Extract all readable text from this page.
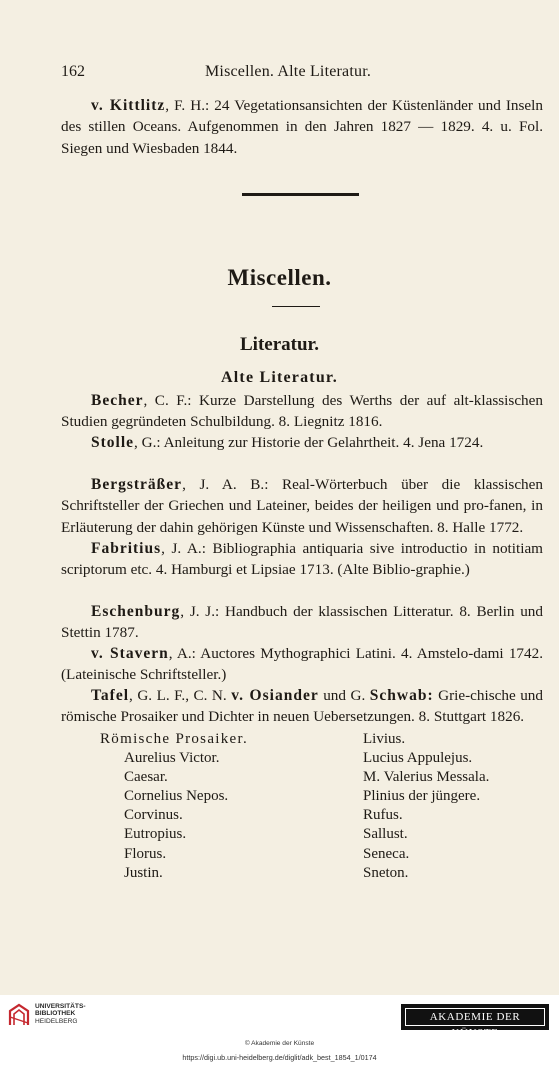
162	Miscellen. Alte Literatur.
v. Kittlitz, F. H.: 24 Vegetationsansichten der Küstenländer und Inseln des stillen Oceans. Aufgenommen in den Jahren 1827 — 1829. 4. u. Fol. Siegen und Wiesbaden 1844.
Miscellen.
Literatur.
Alte Literatur.
Becher, C. F.: Kurze Darstellung des Werths der auf alt-klassischen Studien gegründeten Schulbildung. 8. Liegnitz 1816.
Stolle, G.: Anleitung zur Historie der Gelahrtheit. 4. Jena 1724.
Bergsträßer, J. A. B.: Real-Wörterbuch über die klassischen Schriftsteller der Griechen und Lateiner, beides der heiligen und pro-fanen, in Erläuterung der dahin gehörigen Künste und Wissenschaften. 8. Halle 1772.
Fabritius, J. A.: Bibliographia antiquaria sive introductio in notitiam scriptorum etc. 4. Hamburgi et Lipsiae 1713. (Alte Biblio-graphie.)
Eschenburg, J. J.: Handbuch der klassischen Litteratur. 8. Berlin und Stettin 1787.
v. Stavern, A.: Auctores Mythographici Latini. 4. Amstelo-dami 1742. (Lateinische Schriftsteller.)
Tafel, G. L. F., C. N. v. Osiander und G. Schwab: Grie-chische und römische Prosaiker und Dichter in neuen Uebersetzungen. 8. Stuttgart 1826.
Römische Prosaiker.
Aurelius Victor.
Caesar.
Cornelius Nepos.
Corvinus.
Eutropius.
Florus.
Justin.
Livius.
Lucius Appulejus.
M. Valerius Messala.
Plinius der jüngere.
Rufus.
Sallust.
Seneca.
Sneton.
UNIVERSITÄTS-
BIBLIOTHEK
HEIDELBERG	AKADEMIE DER KÜNSTE
© Akademie der Künste
https://digi.ub.uni-heidelberg.de/diglit/adk_best_1854_1/0174
